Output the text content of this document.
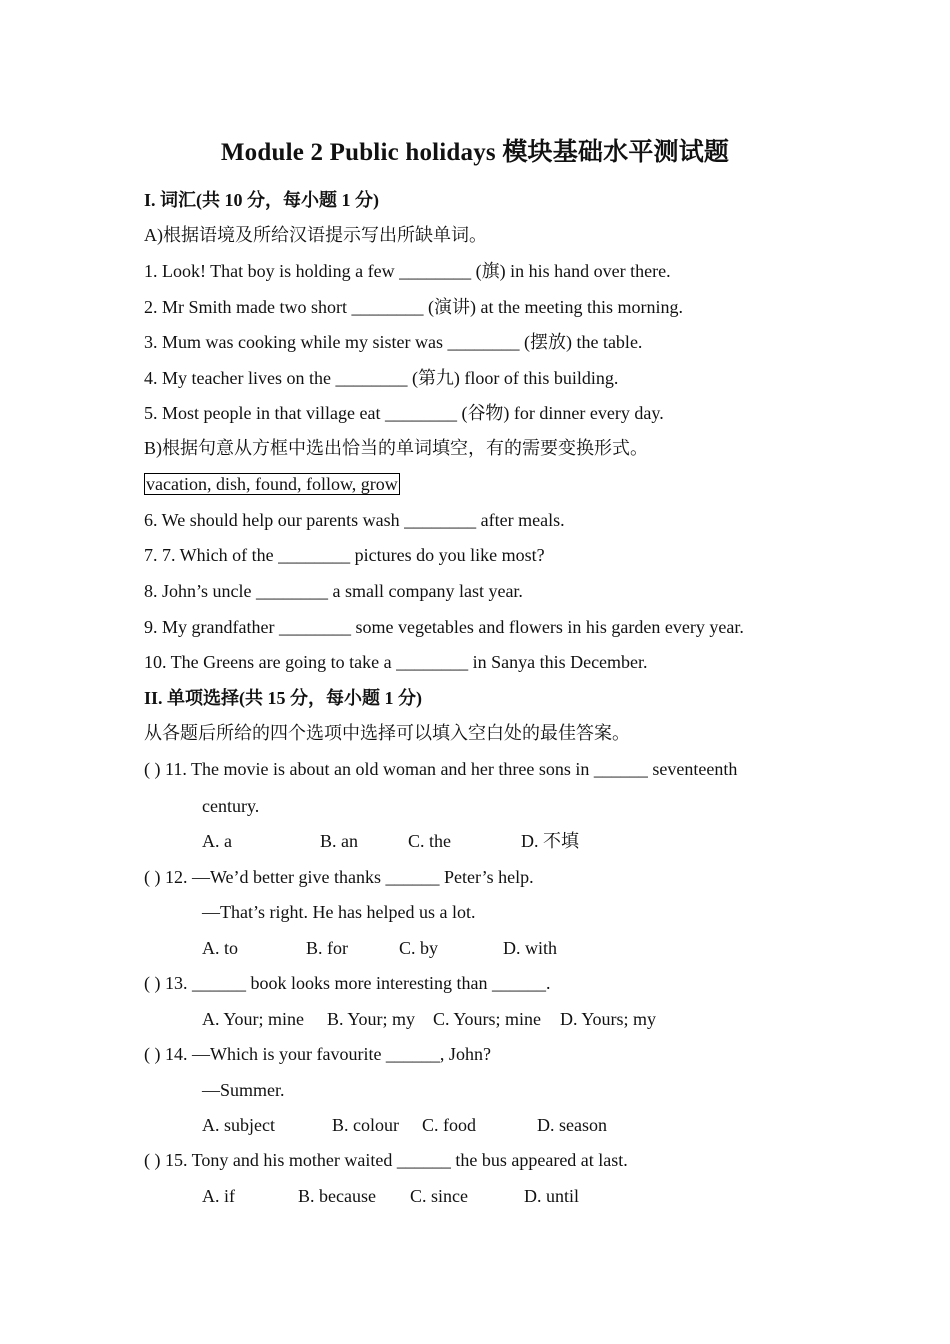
Module 2 Public holidays 模块基础水平测试题
I. 词汇(共 10 分，每小题 1 分)
A)根据语境及所给汉语提示写出所缺单词。
1. Look! That boy is holding a few ________ (旗) in his hand over there.
2. Mr Smith made two short ________ (演讲) at the meeting this morning.
3. Mum was cooking while my sister was ________ (摆放) the table.
4. My teacher lives on the ________ (第九) floor of this building.
5. Most people in that village eat ________ (谷物) for dinner every day.
B)根据句意从方框中选出恰当的单词填空，有的需要变换形式。
vacation, dish, found, follow, grow
6. We should help our parents wash ________ after meals.
7. 7. Which of the ________ pictures do you like most?
8. John’s uncle ________ a small company last year.
9. My grandfather ________ some vegetables and flowers in his garden every year.
10. The Greens are going to take a ________ in Sanya this December.
II. 单项选择(共 15 分，每小题 1 分)
从各题后所给的四个选项中选择可以填入空白处的最佳答案。
( ) 11. The movie is about an old woman and her three sons in ______ seventeenth
century.
A. a	B. an	C. the	D. 不填
( ) 12. —We’d better give thanks ______ Peter’s help.
—That’s right. He has helped us a lot.
A. to	B. for	C. by	D. with
( ) 13. ______ book looks more interesting than ______.
A. Your; mine B. Your; my C. Yours; mine D. Yours; my
( ) 14. —Which is your favourite ______, John?
—Summer.
A. subject	B. colour C. food	D. season
( ) 15. Tony and his mother waited ______ the bus appeared at last.
A. if	B. because C. since	D. until
